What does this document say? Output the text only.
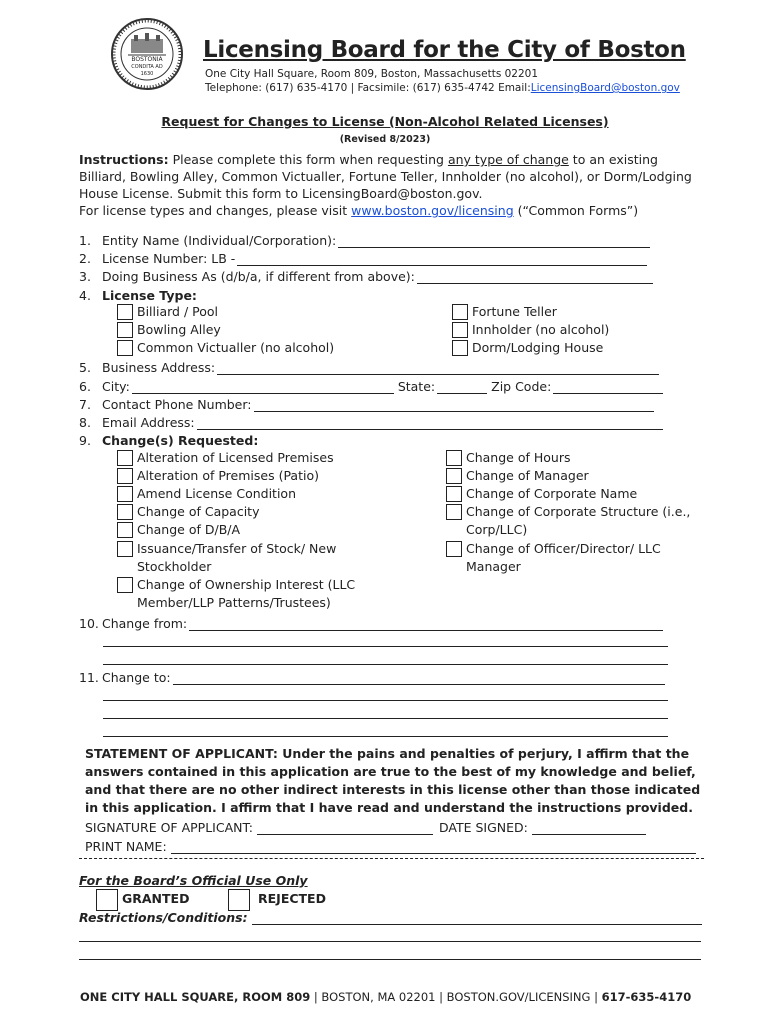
BOSTONIA
CONDITA AD
1630
Licensing Board for the City of Boston
One City Hall Square, Room 809, Boston, Massachusetts 02201
Telephone: (617) 635-4170 | Facsimile: (617) 635-4742 Email:LicensingBoard@boston.gov
Request for Changes to License (Non-Alcohol Related Licenses)
(Revised 8/2023)
Instructions: Please complete this form when requesting any type of change to an existing Billiard, Bowling Alley, Common Victualler, Fortune Teller, Innholder (no alcohol), or Dorm/Lodging House License. Submit this form to LicensingBoard@boston.gov.
For license types and changes, please visit www.boston.gov/licensing (“Common Forms”)
1. Entity Name (Individual/Corporation):
2. License Number: LB -
3. Doing Business As (d/b/a, if different from above):
4. License Type:
Billiard / Pool
Bowling Alley
Common Victualler (no alcohol)
Fortune Teller
Innholder (no alcohol)
Dorm/Lodging House
5. Business Address:
6. City:	State:	Zip Code:
7. Contact Phone Number:
8. Email Address:
9. Change(s) Requested:
Alteration of Licensed Premises
Alteration of Premises (Patio)
Amend License Condition
Change of Capacity
Change of D/B/A
Issuance/Transfer of Stock/ New
Stockholder
Change of Ownership Interest (LLC
Member/LLP Patterns/Trustees)
Change of Hours
Change of Manager
Change of Corporate Name
Change of Corporate Structure (i.e.,
Corp/LLC)
Change of Officer/Director/ LLC
Manager
10. Change from:
11. Change to:
STATEMENT OF APPLICANT: Under the pains and penalties of perjury, I affirm that the answers contained in this application are true to the best of my knowledge and belief, and that there are no other indirect interests in this license other than those indicated in this application. I affirm that I have read and understand the instructions provided.
SIGNATURE OF APPLICANT:	DATE SIGNED:
PRINT NAME:
For the Board’s Official Use Only
GRANTED	REJECTED
Restrictions/Conditions:
ONE CITY HALL SQUARE, ROOM 809 | BOSTON, MA 02201 | BOSTON.GOV/LICENSING | 617-635-4170
